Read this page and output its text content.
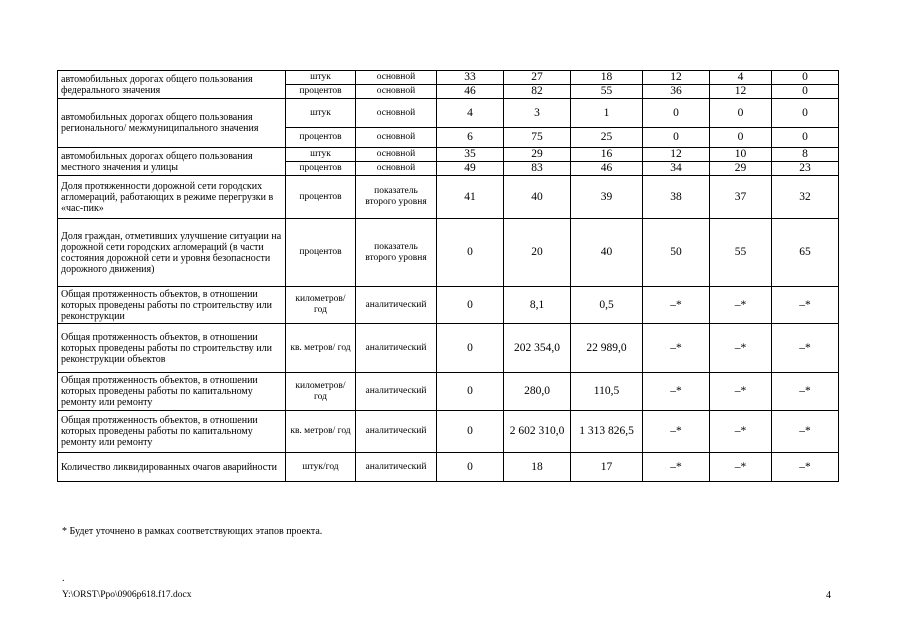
автомобильных дорогах общего пользования федерального значения	штук	основной	33	27	18	12	4	0
	процентов	основной	46	82	55	36	12	0
автомобильных дорогах общего пользования регионального/ межмуниципального значения	штук	основной	4	3	1	0	0	0
	процентов	основной	6	75	25	0	0	0
автомобильных дорогах общего пользования местного значения и улицы	штук	основной	35	29	16	12	10	8
	процентов	основной	49	83	46	34	29	23
Доля протяженности дорожной сети городских агломераций, работающих в режиме перегрузки в «час-пик»	процентов	показатель второго уровня	41	40	39	38	37	32
Доля граждан, отметивших улучшение ситуации на дорожной сети городских агломераций (в части состояния дорожной сети и уровня безопасности дорожного движения)	процентов	показатель второго уровня	0	20	40	50	55	65
Общая протяженность объектов, в отношении которых проведены работы по строительству или реконструкции	километров/ год	аналитический	0	8,1	0,5	–*	–*	–*
Общая протяженность объектов, в отношении которых проведены работы по строительству или реконструкции объектов	кв. метров/ год	аналитический	0	202 354,0	22 989,0	–*	–*	–*
Общая протяженность объектов, в отношении которых проведены работы по капитальному ремонту или ремонту	километров/ год	аналитический	0	280,0	110,5	–*	–*	–*
Общая протяженность объектов, в отношении которых проведены работы по капитальному ремонту или ремонту	кв. метров/ год	аналитический	0	2 602 310,0	1 313 826,5	–*	–*	–*
Количество ликвидированных очагов аварийности	штук/год	аналитический	0	18	17	–*	–*	–*
* Будет уточнено в рамках соответствующих этапов проекта.
.
Y:\ORST\Ppo\0906p618.f17.docx	4
